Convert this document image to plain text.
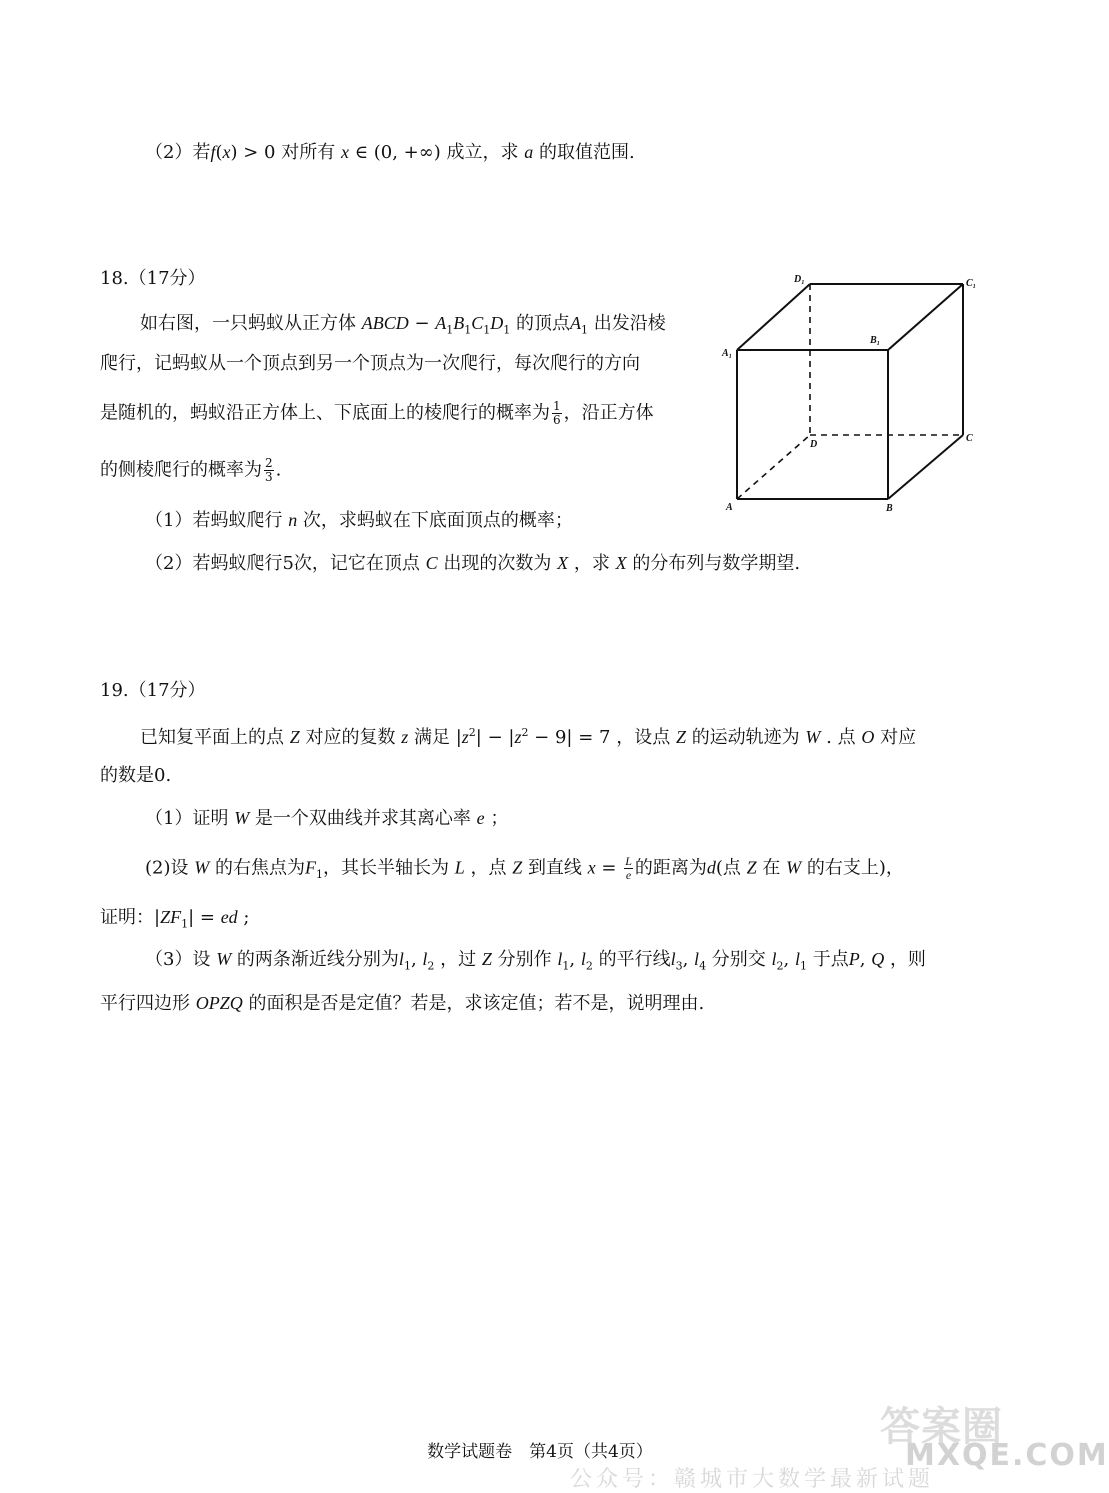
（2）若f(x) > 0 对所有 x ∈ (0, +∞) 成立，求 a 的取值范围.
18.（17分）
如右图，一只蚂蚁从正方体 ABCD − $A_1B_1C_1D_1$ 的顶点$A_1$ 出发沿棱
爬行，记蚂蚁从一个顶点到另一个顶点为一次爬行，每次爬行的方向
是随机的，蚂蚁沿正方体上、下底面上的棱爬行的概率为 $\frac{1}{6}$ ，沿正方体
的侧棱爬行的概率为 $\frac{2}{3}$ .
（1）若蚂蚁爬行 n 次，求蚂蚁在下底面顶点的概率；
（2）若蚂蚁爬行5次，记它在顶点 C 出现的次数为 X ，求 X 的分布列与数学期望.
D₁	C₁
A₁
B₁
D
C
A	B
19.（17分）
已知复平面上的点 Z 对应的复数 z 满足 $|z^2| - |z^2 - 9| = 7$ ，设点 Z 的运动轨迹为 W . 点 O 对应
的数是0.
（1）证明 W 是一个双曲线并求其离心率 e ；
(2)设 W 的右焦点为$F_1$，其长半轴长为 L ，点 Z 到直线 $x = \frac{L}{e}$ 的距离为d(点 Z 在 W 的右支上)，
证明：$|ZF_1|$ = ed ;
（3）设 W 的两条渐近线分别为$l_1$, $l_2$ ，过 Z 分别作 $l_1$, $l_2$ 的平行线$l_3$, $l_4$ 分别交 $l_2$, $l_1$ 于点P, Q ，则
平行四边形 OPZQ 的面积是否是定值？若是，求该定值；若不是，说明理由.
答案圈
MXQE.COM
公众号：赣城市大数学最新试题
数学试题卷　第4页（共4页）
